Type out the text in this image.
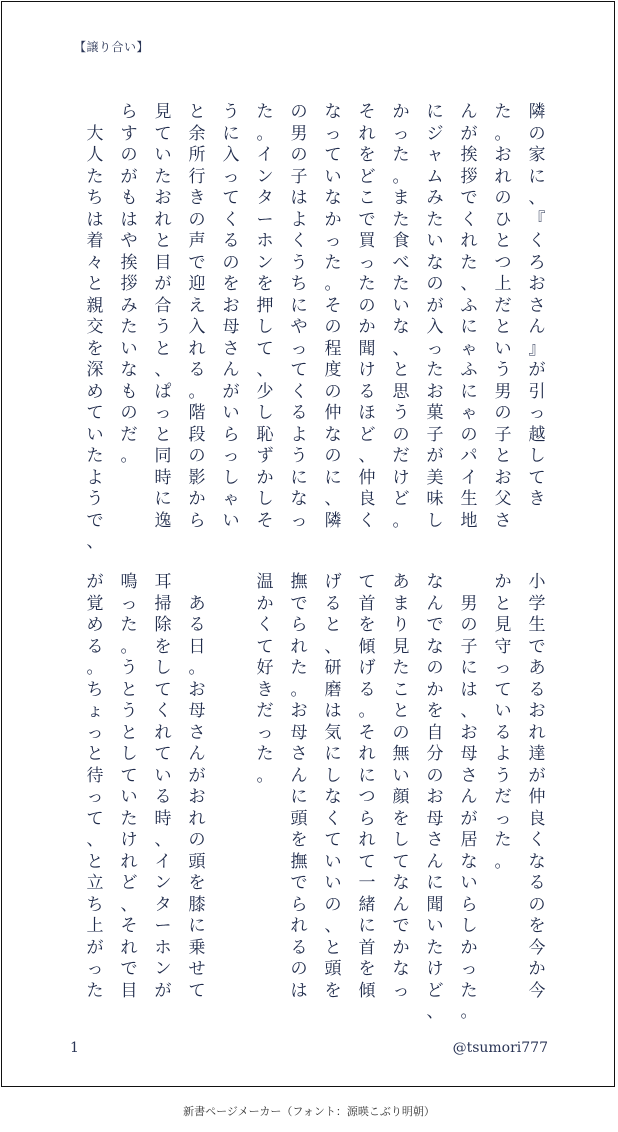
【譲り合い】
隣
の
家
に
、
『
く
ろ
お
さ
ん
』
が
引
っ
越
し
て
き
た
。
お
れ
の
ひ
と
つ
上
だ
と
い
う
男
の
子
と
お
父
さ
ん
が
挨
拶
で
く
れ
た
、
ふ
に
ゃ
ふ
に
ゃ
の
パ
イ
生
地
に
ジ
ャ
ム
み
た
い
な
の
が
入
っ
た
お
菓
子
が
美
味
し
か
っ
た
。
ま
た
食
べ
た
い
な
、
と
思
う
の
だ
け
ど
。
そ
れ
を
ど
こ
で
買
っ
た
の
か
聞
け
る
ほ
ど
、
仲
良
く
な
っ
て
い
な
か
っ
た
。
そ
の
程
度
の
仲
な
の
に
、
隣
の
男
の
子
は
よ
く
う
ち
に
や
っ
て
く
る
よ
う
に
な
っ
た
。
イ
ン
タ
ー
ホ
ン
を
押
し
て
、
少
し
恥
ず
か
し
そ
う
に
入
っ
て
く
る
の
を
お
母
さ
ん
が
い
ら
っ
し
ゃ
い
と
余
所
行
き
の
声
で
迎
え
入
れ
る
。
階
段
の
影
か
ら
見
て
い
た
お
れ
と
目
が
合
う
と
、
ぱ
っ
と
同
時
に
逸
ら
す
の
が
も
は
や
挨
拶
み
た
い
な
も
の
だ
。

大
人
た
ち
は
着
々
と
親
交
を
深
め
て
い
た
よ
う
で
、
小
学
生
で
あ
る
お
れ
達
が
仲
良
く
な
る
の
を
今
か
今
か
と
見
守
っ
て
い
る
よ
う
だ
っ
た
。

男
の
子
に
は
、
お
母
さ
ん
が
居
な
い
ら
し
か
っ
た
。
な
ん
で
な
の
か
を
自
分
の
お
母
さ
ん
に
聞
い
た
け
ど
、
あ
ま
り
見
た
こ
と
の
無
い
顔
を
し
て
な
ん
で
か
な
っ
て
首
を
傾
げ
る
。
そ
れ
に
つ
ら
れ
て
一
緒
に
首
を
傾
げ
る
と
、
研
磨
は
気
に
し
な
く
て
い
い
の
、
と
頭
を
撫
で
ら
れ
た
。
お
母
さ
ん
に
頭
を
撫
で
ら
れ
る
の
は
温
か
く
て
好
き
だ
っ
た
。

あ
る
日
。
お
母
さ
ん
が
お
れ
の
頭
を
膝
に
乗
せ
て
耳
掃
除
を
し
て
く
れ
て
い
る
時
、
イ
ン
タ
ー
ホ
ン
が
鳴
っ
た
。
う
と
う
と
し
て
い
た
け
れ
ど
、
そ
れ
で
目
が
覚
め
る
。
ち
ょ
っ
と
待
っ
て
、
と
立
ち
上
が
っ
た
1	@tsumori777
新書ページメーカー（フォント：源暎こぶり明朝）
